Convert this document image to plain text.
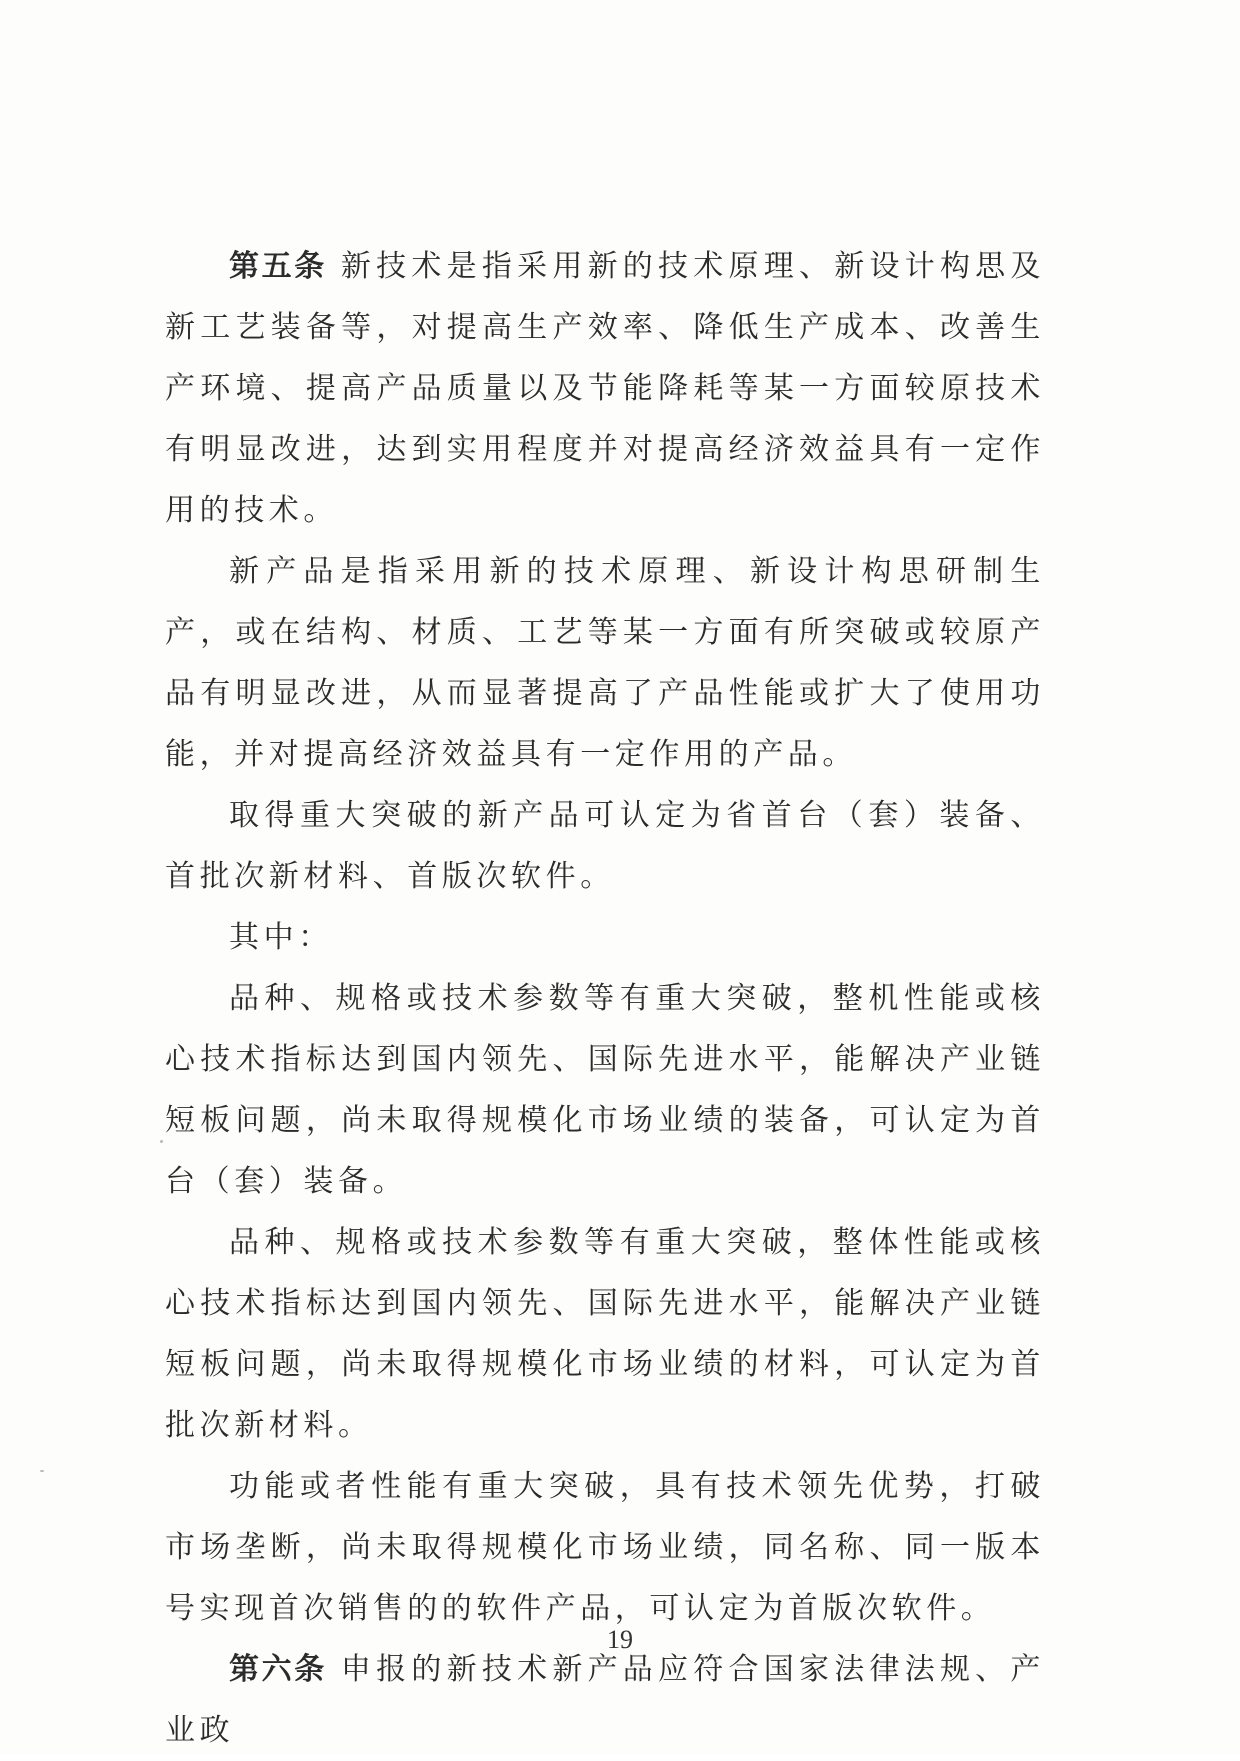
第五条 新技术是指采用新的技术原理、新设计构思及新工艺装备等，对提高生产效率、降低生产成本、改善生产环境、提高产品质量以及节能降耗等某一方面较原技术有明显改进，达到实用程度并对提高经济效益具有一定作用的技术。

新产品是指采用新的技术原理、新设计构思研制生产，或在结构、材质、工艺等某一方面有所突破或较原产品有明显改进，从而显著提高了产品性能或扩大了使用功能，并对提高经济效益具有一定作用的产品。

取得重大突破的新产品可认定为省首台（套）装备、首批次新材料、首版次软件。

其中：

品种、规格或技术参数等有重大突破，整机性能或核心技术指标达到国内领先、国际先进水平，能解决产业链短板问题，尚未取得规模化市场业绩的装备，可认定为首台（套）装备。

品种、规格或技术参数等有重大突破，整体性能或核心技术指标达到国内领先、国际先进水平，能解决产业链短板问题，尚未取得规模化市场业绩的材料，可认定为首批次新材料。

功能或者性能有重大突破，具有技术领先优势，打破市场垄断，尚未取得规模化市场业绩，同名称、同一版本号实现首次销售的的软件产品，可认定为首版次软件。

第六条 申报的新技术新产品应符合国家法律法规、产业政

19
